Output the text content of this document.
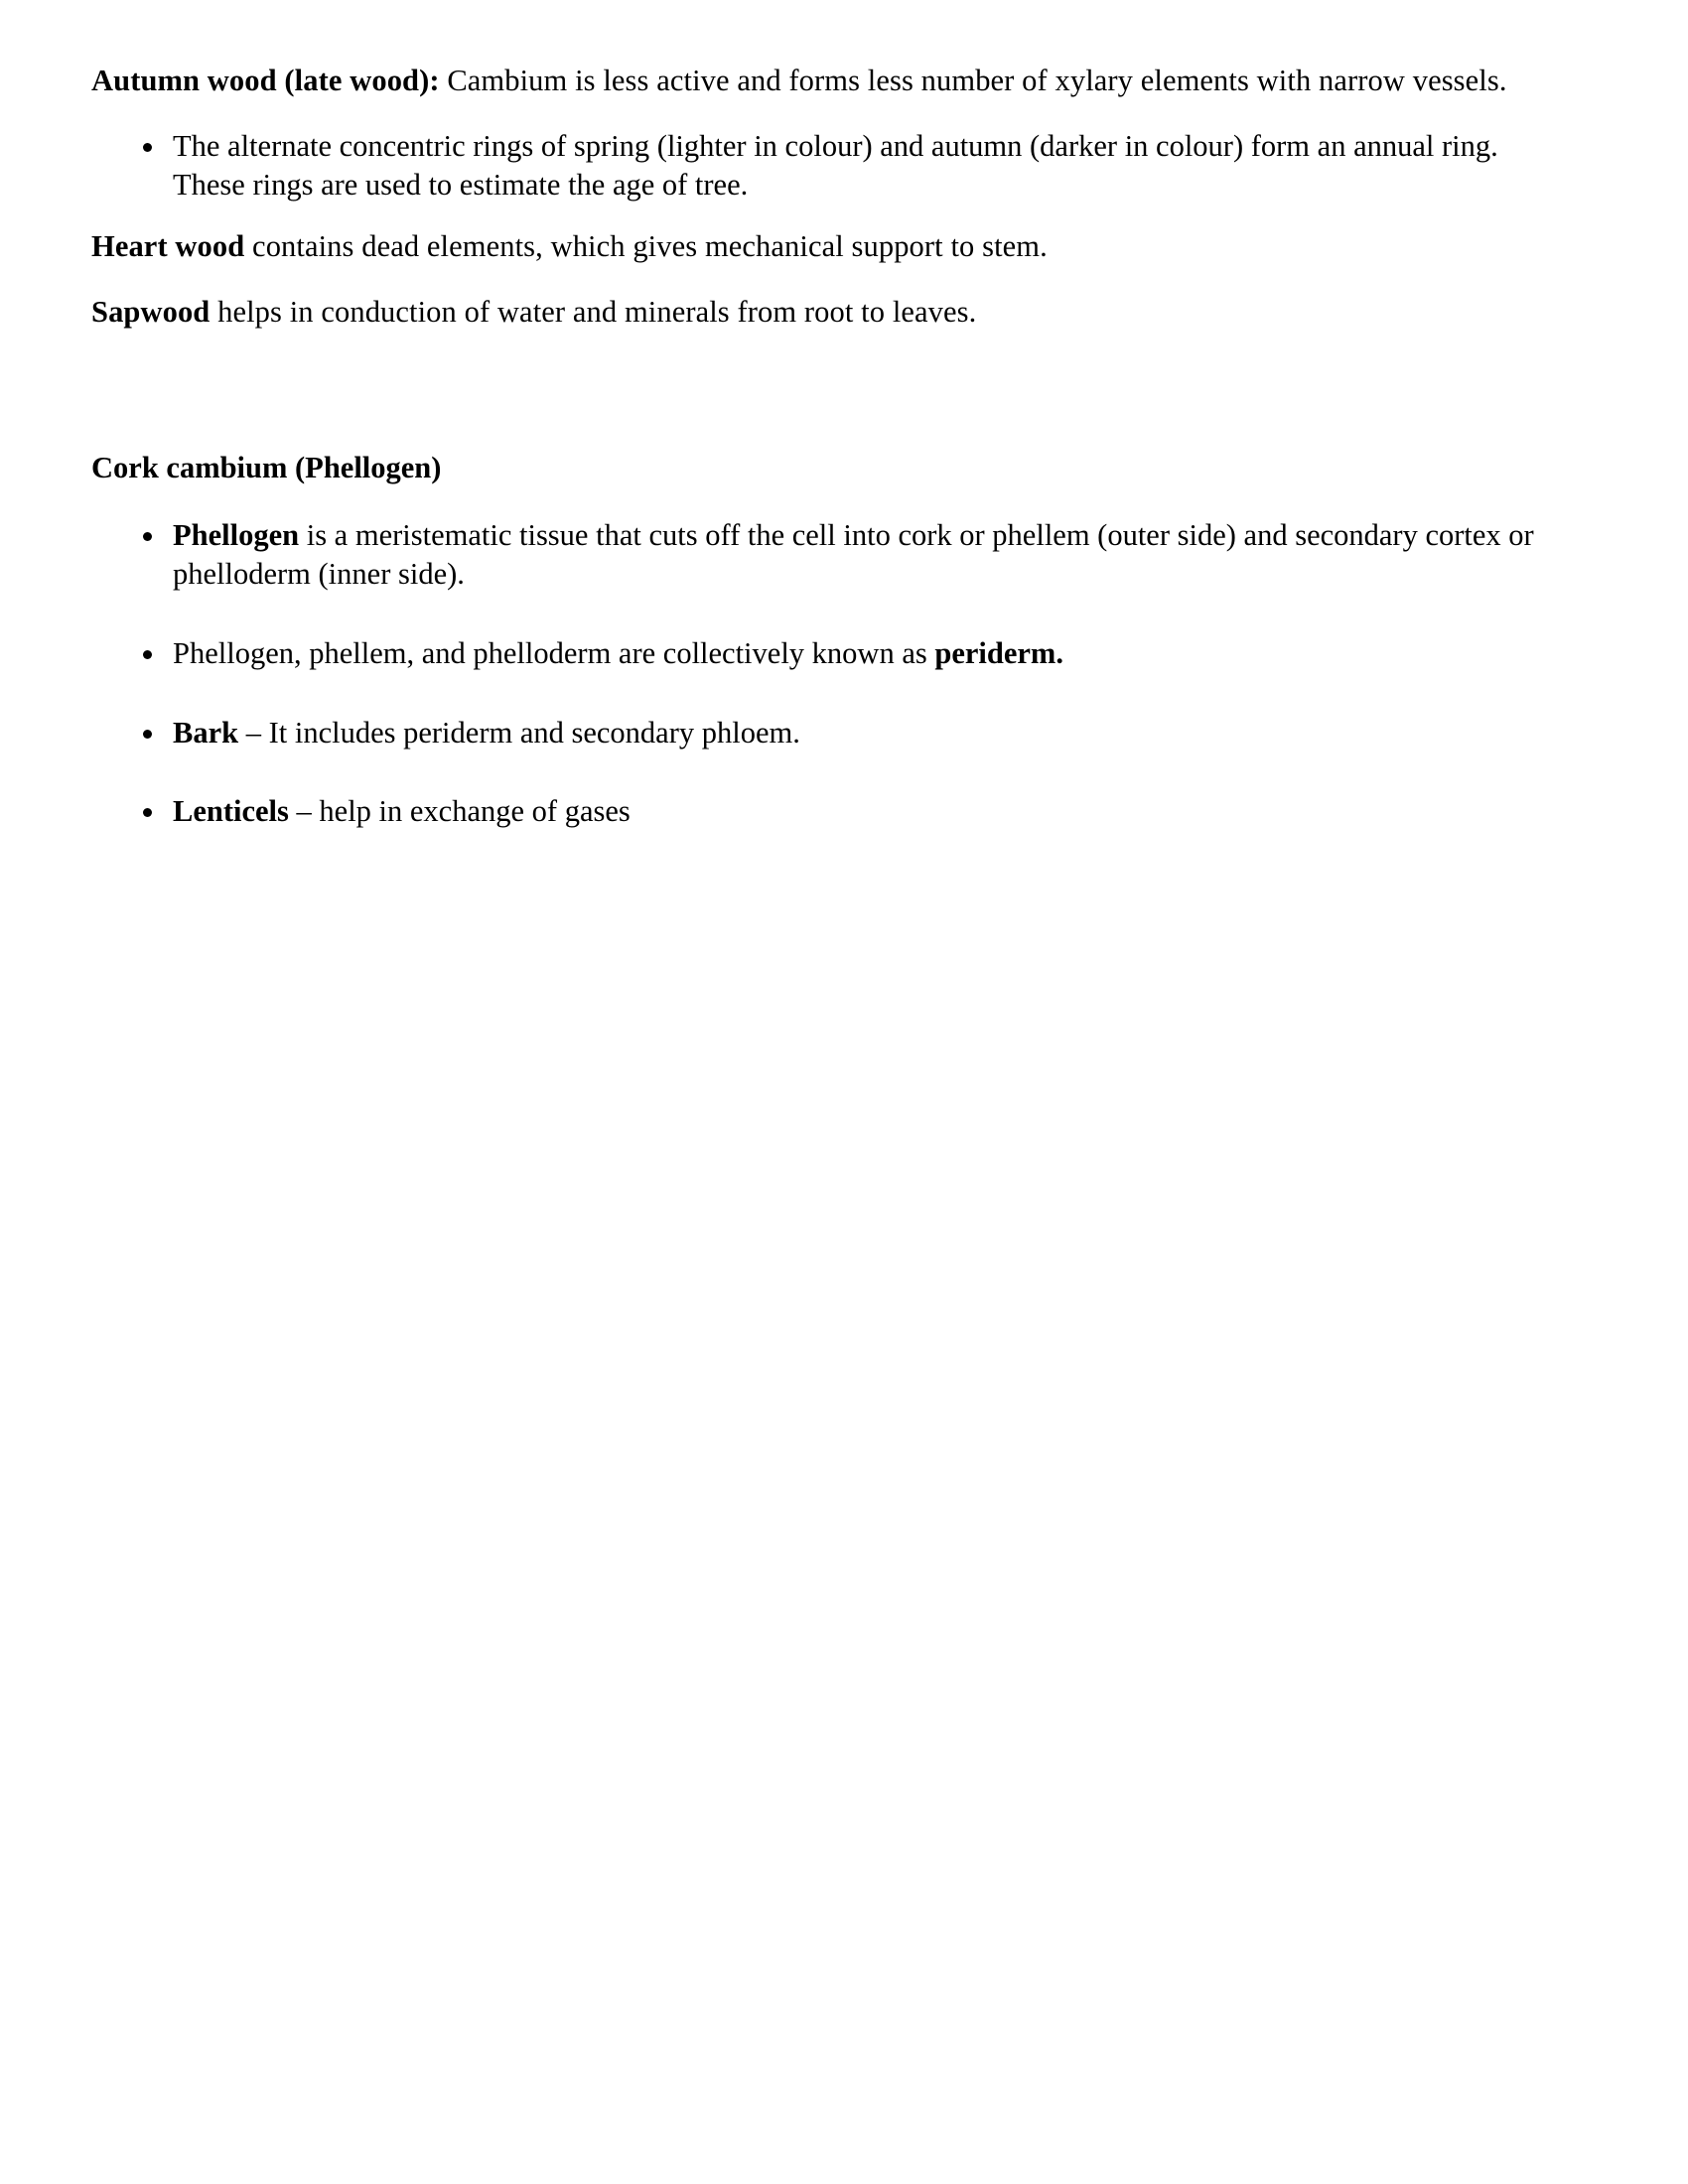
Autumn wood (late wood): Cambium is less active and forms less number of xylary elements with narrow vessels.

The alternate concentric rings of spring (lighter in colour) and autumn (darker in colour) form an annual ring. These rings are used to estimate the age of tree.

Heart wood contains dead elements, which gives mechanical support to stem.

Sapwood helps in conduction of water and minerals from root to leaves.

Cork cambium (Phellogen)

Phellogen is a meristematic tissue that cuts off the cell into cork or phellem (outer side) and secondary cortex or phelloderm (inner side).
Phellogen, phellem, and phelloderm are collectively known as periderm.
Bark – It includes periderm and secondary phloem.
Lenticels – help in exchange of gases
